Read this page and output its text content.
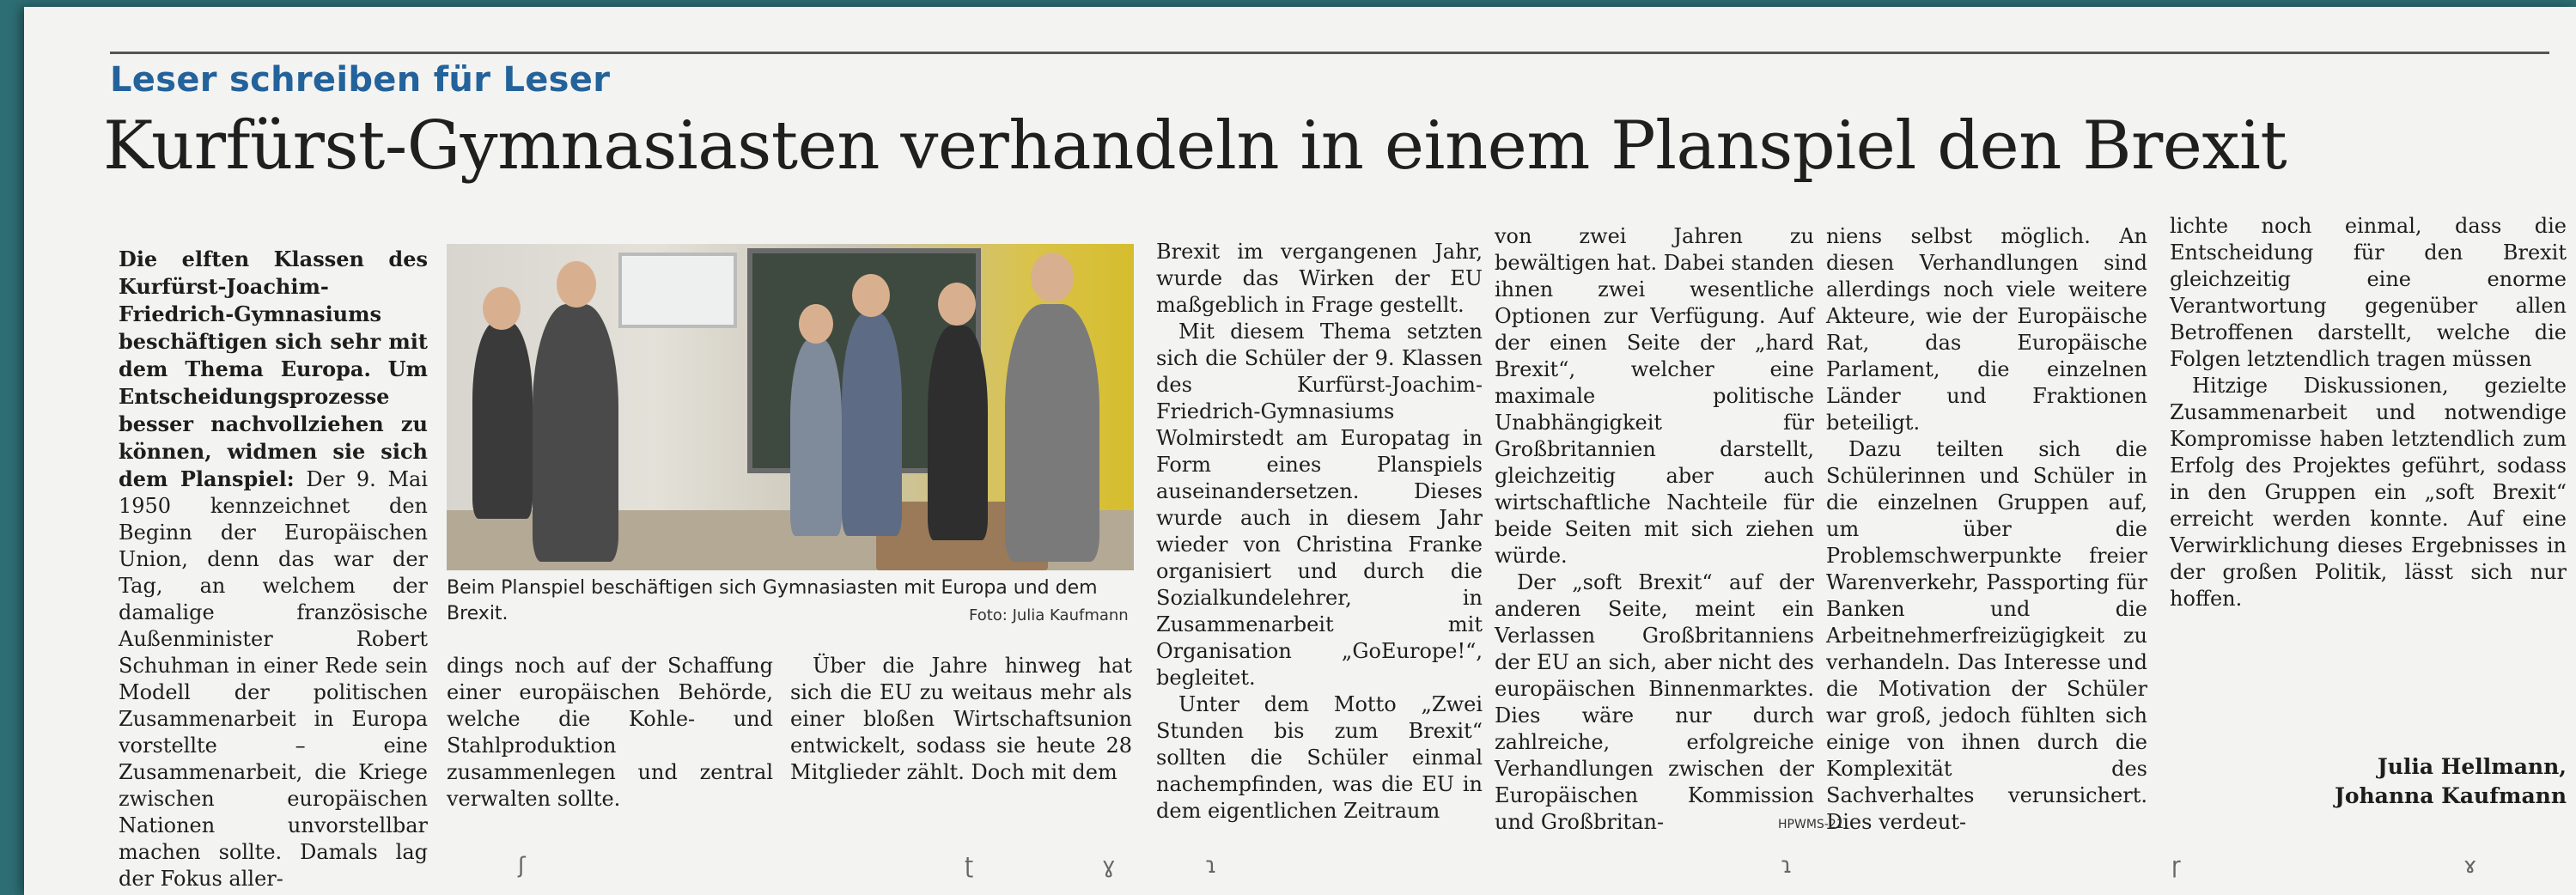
Leser schreiben für Leser
Kurfürst-Gymnasiasten verhandeln in einem Planspiel den Brexit

Die elften Klassen des Kurfürst-Joachim-Friedrich-Gymnasiums beschäftigen sich sehr mit dem Thema Europa. Um Entscheidungsprozesse besser nachvollziehen zu können, widmen sie sich dem Planspiel: Der 9. Mai 1950 kennzeichnet den Beginn der Europäischen Union, denn das war der Tag, an welchem der damalige französische Außenminister Robert Schuhman in einer Rede sein Modell der politischen Zusammenarbeit in Europa vorstellte – eine Zusammenarbeit, die Kriege zwischen europäischen Nationen unvorstellbar machen sollte. Damals lag der Fokus aller-

Beim Planspiel beschäftigen sich Gymnasiasten mit Europa und dem Brexit.	Foto: Julia Kaufmann

dings noch auf der Schaffung einer europäischen Behörde, welche die Kohle- und Stahlproduktion zusammenlegen und zentral verwalten sollte.

Über die Jahre hinweg hat sich die EU zu weitaus mehr als einer bloßen Wirtschaftsunion entwickelt, sodass sie heute 28 Mitglieder zählt. Doch mit dem

Brexit im vergangenen Jahr, wurde das Wirken der EU maßgeblich in Frage gestellt.

Mit diesem Thema setzten sich die Schüler der 9. Klassen des Kurfürst-Joachim-Friedrich-Gymnasiums Wolmirstedt am Europatag in Form eines Planspiels auseinandersetzen. Dieses wurde auch in diesem Jahr wieder von Christina Franke organisiert und durch die Sozialkundelehrer, in Zusammenarbeit mit Organisation „GoEurope!“, begleitet.

Unter dem Motto „Zwei Stunden bis zum Brexit“ sollten die Schüler einmal nachempfinden, was die EU in dem eigentlichen Zeitraum

von zwei Jahren zu bewältigen hat. Dabei standen ihnen zwei wesentliche Optionen zur Verfügung. Auf der einen Seite der „hard Brexit“, welcher eine maximale politische Unabhängigkeit für Großbritannien darstellt, gleichzeitig aber auch wirtschaftliche Nachteile für beide Seiten mit sich ziehen würde.

Der „soft Brexit“ auf der anderen Seite, meint ein Verlassen Großbritanniens der EU an sich, aber nicht des europäischen Binnenmarktes. Dies wäre nur durch zahlreiche, erfolgreiche Verhandlungen zwischen der Europäischen Kommission und Großbritan-

niens selbst möglich. An diesen Verhandlungen sind allerdings noch viele weitere Akteure, wie der Europäische Rat, das Europäische Parlament, die einzelnen Länder und Fraktionen beteiligt.

Dazu teilten sich die Schülerinnen und Schüler in die einzelnen Gruppen auf, um über die Problemschwerpunkte freier Warenverkehr, Passporting für Banken und die Arbeitnehmerfreizügigkeit zu verhandeln. Das Interesse und die Motivation der Schüler war groß, jedoch fühlten sich einige von ihnen durch die Komplexität des Sachverhaltes verunsichert. Dies verdeut-

lichte noch einmal, dass die Entscheidung für den Brexit gleichzeitig eine enorme Verantwortung gegenüber allen Betroffenen darstellt, welche die Folgen letztendlich tragen müssen

Hitzige Diskussionen, gezielte Zusammenarbeit und notwendige Kompromisse haben letztendlich zum Erfolg des Projektes geführt, sodass in den Gruppen ein „soft Brexit“ erreicht werden konnte. Auf eine Verwirklichung dieses Ergebnisses in der großen Politik, lässt sich nur hoffen.

Julia Hellmann,
Johanna Kaufmann
HPWMS-21
ʃ	ʈ	ɣ	ɿ	ɿ	ɼ	ɤ
